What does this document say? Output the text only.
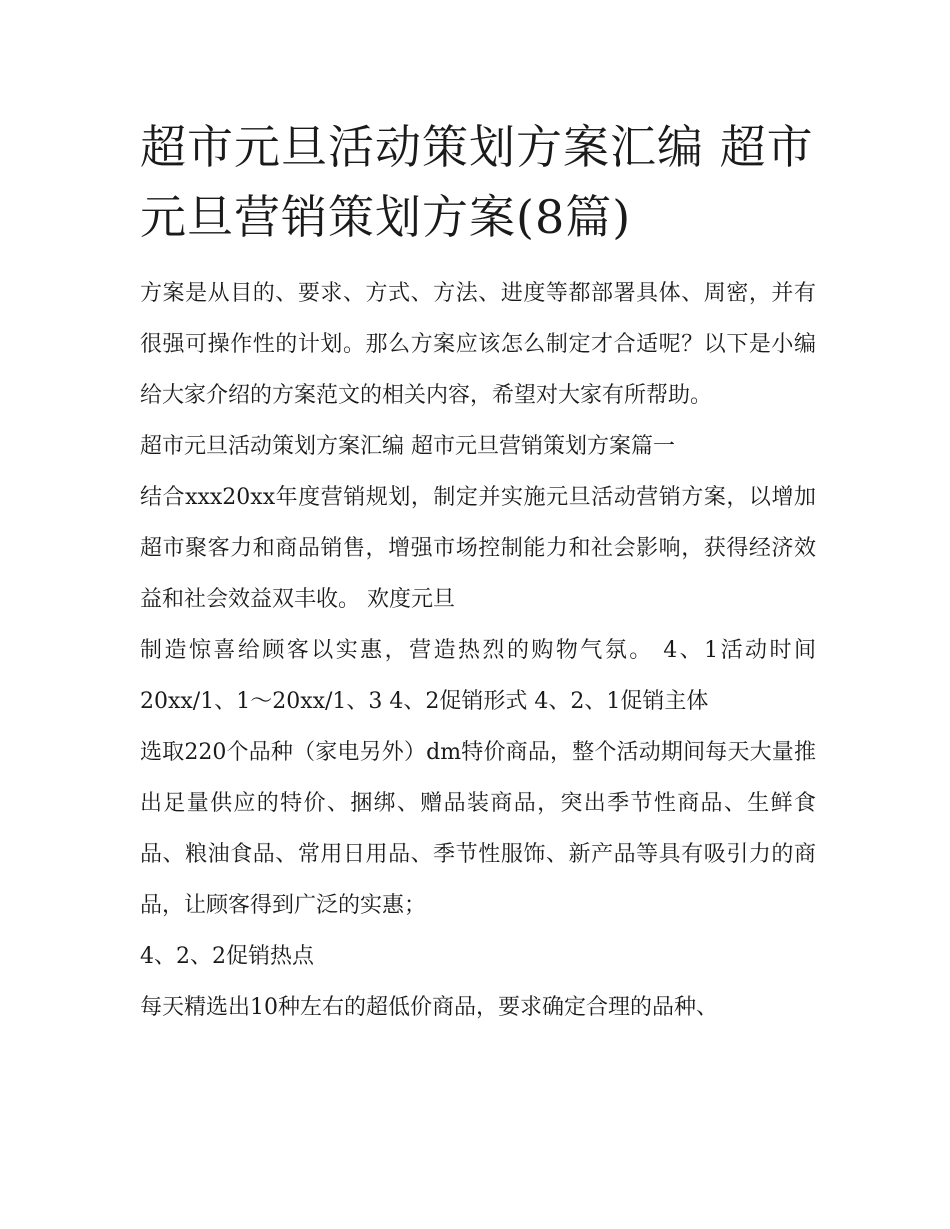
超市元旦活动策划方案汇编 超市元旦营销策划方案(8篇)

方案是从目的、要求、方式、方法、进度等都部署具体、周密，并有很强可操作性的计划。那么方案应该怎么制定才合适呢？以下是小编给大家介绍的方案范文的相关内容，希望对大家有所帮助。

超市元旦活动策划方案汇编 超市元旦营销策划方案篇一

结合xxx20xx年度营销规划，制定并实施元旦活动营销方案，以增加超市聚客力和商品销售，增强市场控制能力和社会影响，获得经济效益和社会效益双丰收。 欢度元旦

制造惊喜给顾客以实惠，营造热烈的购物气氛。 4、1活动时间 20xx/1、1～20xx/1、3 4、2促销形式 4、2、1促销主体

选取220个品种（家电另外）dm特价商品，整个活动期间每天大量推出足量供应的特价、捆绑、赠品装商品，突出季节性商品、生鲜食品、粮油食品、常用日用品、季节性服饰、新产品等具有吸引力的商品，让顾客得到广泛的实惠；

4、2、2促销热点

每天精选出10种左右的超低价商品，要求确定合理的品种、
